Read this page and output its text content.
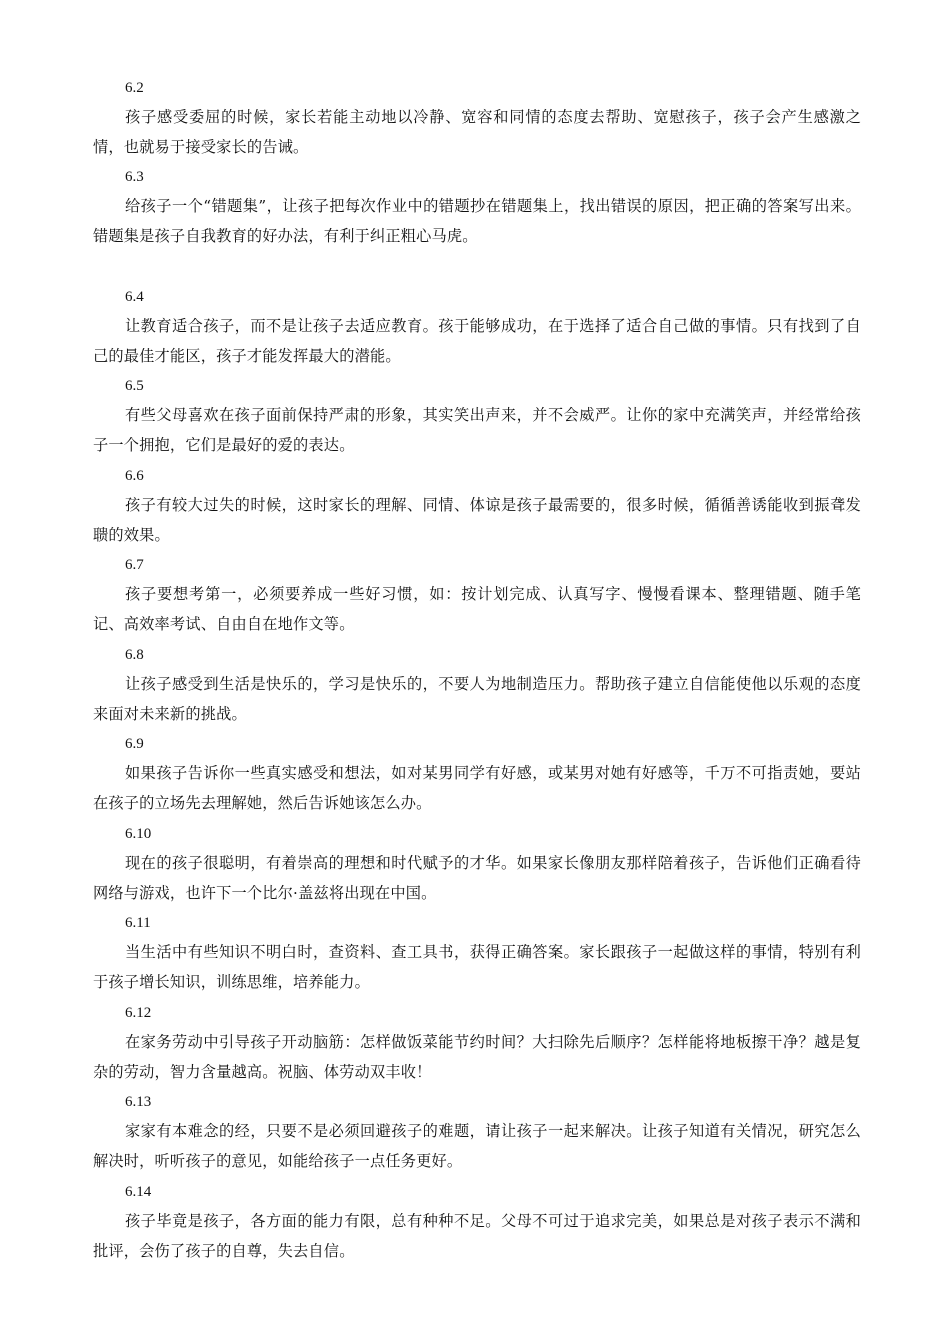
6.2

孩子感受委屈的时候，家长若能主动地以冷静、宽容和同情的态度去帮助、宽慰孩子，孩子会产生感激之情，也就易于接受家长的告诫。

6.3

给孩子一个“错题集”，让孩子把每次作业中的错题抄在错题集上，找出错误的原因，把正确的答案写出来。错题集是孩子自我教育的好办法，有利于纠正粗心马虎。

6.4

让教育适合孩子，而不是让孩子去适应教育。孩于能够成功，在于选择了适合自己做的事情。只有找到了自己的最佳才能区，孩子才能发挥最大的潜能。

6.5

有些父母喜欢在孩子面前保持严肃的形象，其实笑出声来，并不会威严。让你的家中充满笑声，并经常给孩子一个拥抱，它们是最好的爱的表达。

6.6

孩子有较大过失的时候，这时家长的理解、同情、体谅是孩子最需要的，很多时候，循循善诱能收到振聋发聩的效果。

6.7

孩子要想考第一，必须要养成一些好习惯，如：按计划完成、认真写字、慢慢看课本、整理错题、随手笔记、高效率考试、自由自在地作文等。

6.8

让孩子感受到生活是快乐的，学习是快乐的，不要人为地制造压力。帮助孩子建立自信能使他以乐观的态度来面对未来新的挑战。

6.9

如果孩子告诉你一些真实感受和想法，如对某男同学有好感，或某男对她有好感等，千万不可指责她，要站在孩子的立场先去理解她，然后告诉她该怎么办。

6.10

现在的孩子很聪明，有着崇高的理想和时代赋予的才华。如果家长像朋友那样陪着孩子，告诉他们正确看待网络与游戏，也许下一个比尔·盖兹将出现在中国。

6.11

当生活中有些知识不明白时，查资料、查工具书，获得正确答案。家长跟孩子一起做这样的事情，特别有利于孩子增长知识，训练思维，培养能力。

6.12

在家务劳动中引导孩子开动脑筋：怎样做饭菜能节约时间？大扫除先后顺序？怎样能将地板擦干净？越是复杂的劳动，智力含量越高。祝脑、体劳动双丰收！

6.13

家家有本难念的经，只要不是必须回避孩子的难题，请让孩子一起来解决。让孩子知道有关情况，研究怎么解决时，听听孩子的意见，如能给孩子一点任务更好。

6.14

孩子毕竟是孩子，各方面的能力有限，总有种种不足。父母不可过于追求完美，如果总是对孩子表示不满和批评，会伤了孩子的自尊，失去自信。
